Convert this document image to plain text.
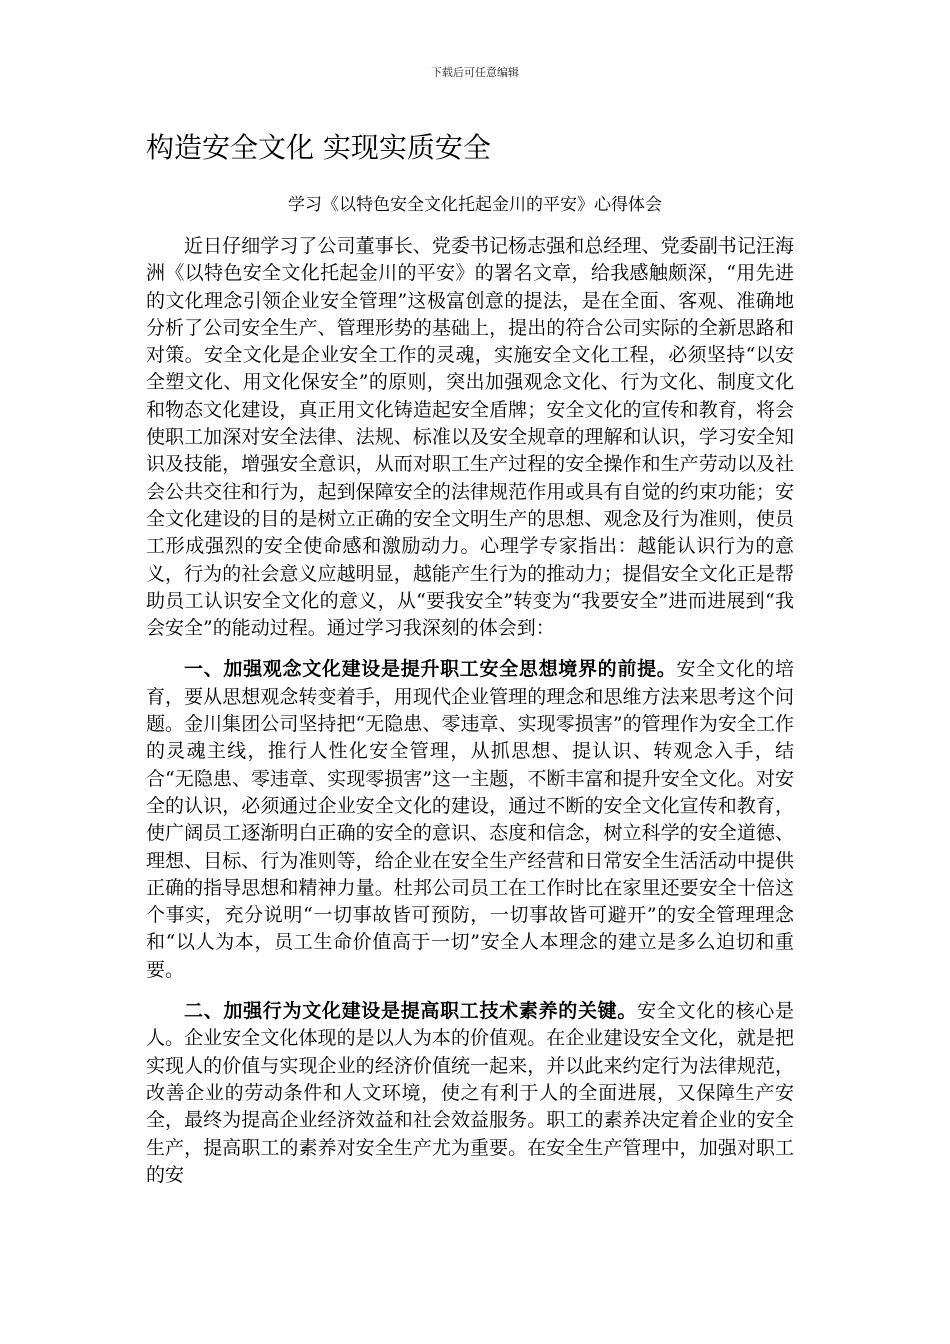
下载后可任意编辑
构造安全文化 实现实质安全
学习《以特色安全文化托起金川的平安》心得体会

近日仔细学习了公司董事长、党委书记杨志强和总经理、党委副书记汪海洲《以特色安全文化托起金川的平安》的署名文章，给我感触颇深，“用先进的文化理念引领企业安全管理”这极富创意的提法，是在全面、客观、准确地分析了公司安全生产、管理形势的基础上，提出的符合公司实际的全新思路和对策。安全文化是企业安全工作的灵魂，实施安全文化工程，必须坚持“以安全塑文化、用文化保安全”的原则，突出加强观念文化、行为文化、制度文化和物态文化建设，真正用文化铸造起安全盾牌；安全文化的宣传和教育，将会使职工加深对安全法律、法规、标准以及安全规章的理解和认识，学习安全知识及技能，增强安全意识，从而对职工生产过程的安全操作和生产劳动以及社会公共交往和行为，起到保障安全的法律规范作用或具有自觉的约束功能；安全文化建设的目的是树立正确的安全文明生产的思想、观念及行为准则，使员工形成强烈的安全使命感和激励动力。心理学专家指出：越能认识行为的意义，行为的社会意义应越明显，越能产生行为的推动力；提倡安全文化正是帮助员工认识安全文化的意义，从“要我安全”转变为“我要安全”进而进展到“我会安全”的能动过程。通过学习我深刻的体会到：

一、加强观念文化建设是提升职工安全思想境界的前提。安全文化的培育，要从思想观念转变着手，用现代企业管理的理念和思维方法来思考这个问题。金川集团公司坚持把“无隐患、零违章、实现零损害”的管理作为安全工作的灵魂主线，推行人性化安全管理，从抓思想、提认识、转观念入手，结合“无隐患、零违章、实现零损害”这一主题，不断丰富和提升安全文化。对安全的认识，必须通过企业安全文化的建设，通过不断的安全文化宣传和教育，使广阔员工逐渐明白正确的安全的意识、态度和信念，树立科学的安全道德、理想、目标、行为准则等，给企业在安全生产经营和日常安全生活活动中提供正确的指导思想和精神力量。杜邦公司员工在工作时比在家里还要安全十倍这个事实，充分说明“一切事故皆可预防，一切事故皆可避开”的安全管理理念和“以人为本，员工生命价值高于一切”安全人本理念的建立是多么迫切和重要。

二、加强行为文化建设是提高职工技术素养的关键。安全文化的核心是人。企业安全文化体现的是以人为本的价值观。在企业建设安全文化，就是把实现人的价值与实现企业的经济价值统一起来，并以此来约定行为法律规范，改善企业的劳动条件和人文环境，使之有利于人的全面进展，又保障生产安全，最终为提高企业经济效益和社会效益服务。职工的素养决定着企业的安全生产，提高职工的素养对安全生产尤为重要。在安全生产管理中，加强对职工的安
